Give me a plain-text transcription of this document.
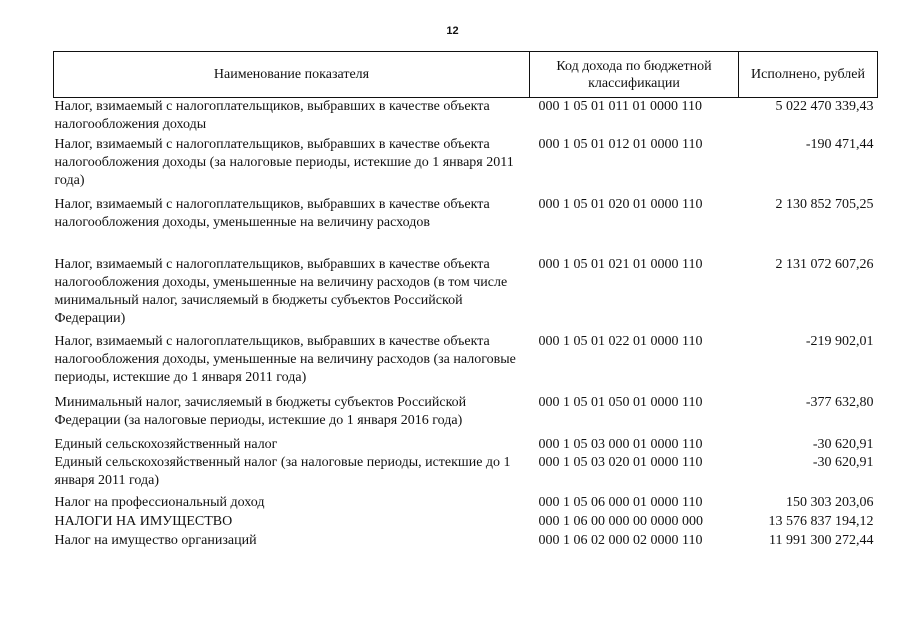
12
Наименование показателя	Код дохода по бюджетной классификации	Исполнено, рублей
Налог, взимаемый с налогоплательщиков, выбравших в качестве объекта налогообложения доходы	000 1 05 01 011 01 0000 110	5 022 470 339,43
Налог, взимаемый с налогоплательщиков, выбравших в качестве объекта налогообложения доходы (за налоговые периоды, истекшие до 1 января 2011 года)	000 1 05 01 012 01 0000 110	-190 471,44
Налог, взимаемый с налогоплательщиков, выбравших в качестве объекта налогообложения доходы, уменьшенные на величину расходов	000 1 05 01 020 01 0000 110	2 130 852 705,25
Налог, взимаемый с налогоплательщиков, выбравших в качестве объекта налогообложения доходы, уменьшенные на величину расходов (в том числе минимальный налог, зачисляемый в бюджеты субъектов Российской Федерации)	000 1 05 01 021 01 0000 110	2 131 072 607,26
Налог, взимаемый с налогоплательщиков, выбравших в качестве объекта налогообложения доходы, уменьшенные на величину расходов (за налоговые периоды, истекшие до 1 января 2011 года)	000 1 05 01 022 01 0000 110	-219 902,01
Минимальный налог, зачисляемый в бюджеты субъектов Российской Федерации (за налоговые периоды, истекшие до 1 января 2016 года)	000 1 05 01 050 01 0000 110	-377 632,80
Единый сельскохозяйственный налог	000 1 05 03 000 01 0000 110	-30 620,91
Единый сельскохозяйственный налог (за налоговые периоды, истекшие до 1 января 2011 года)	000 1 05 03 020 01 0000 110	-30 620,91
Налог на профессиональный доход	000 1 05 06 000 01 0000 110	150 303 203,06
НАЛОГИ НА ИМУЩЕСТВО	000 1 06 00 000 00 0000 000	13 576 837 194,12
Налог на имущество организаций	000 1 06 02 000 02 0000 110	11 991 300 272,44
